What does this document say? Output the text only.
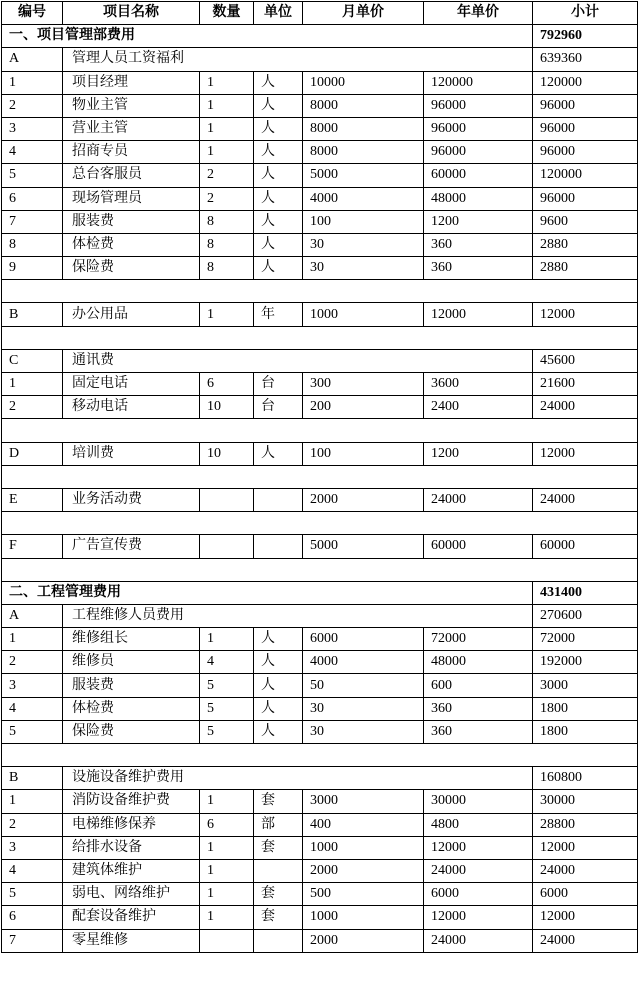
编号	项目名称	数量	单位	月单价	年单价	小计
一、项目管理部费用						792960
A	管理人员工资福利					639360
1	项目经理	1	人	10000	120000	120000
2	物业主管	1	人	8000	96000	96000
3	营业主管	1	人	8000	96000	96000
4	招商专员	1	人	8000	96000	96000
5	总台客服员	2	人	5000	60000	120000
6	现场管理员	2	人	4000	48000	96000
7	服装费	8	人	100	1200	9600
8	体检费	8	人	30	360	2880
9	保险费	8	人	30	360	2880

B	办公用品	1	年	1000	12000	12000

C	通讯费					45600
1	固定电话	6	台	300	3600	21600
2	移动电话	10	台	200	2400	24000

D	培训费	10	人	100	1200	12000

E	业务活动费			2000	24000	24000

F	广告宣传费			5000	60000	60000

二、工程管理费用						431400
A	工程维修人员费用					270600
1	维修组长	1	人	6000	72000	72000
2	维修员	4	人	4000	48000	192000
3	服装费	5	人	50	600	3000
4	体检费	5	人	30	360	1800
5	保险费	5	人	30	360	1800

B	设施设备维护费用					160800
1	消防设备维护费	1	套	3000	30000	30000
2	电梯维修保养	6	部	400	4800	28800
3	给排水设备	1	套	1000	12000	12000
4	建筑体维护	1		2000	24000	24000
5	弱电、网络维护	1	套	500	6000	6000
6	配套设备维护	1	套	1000	12000	12000
7	零星维修			2000	24000	24000
